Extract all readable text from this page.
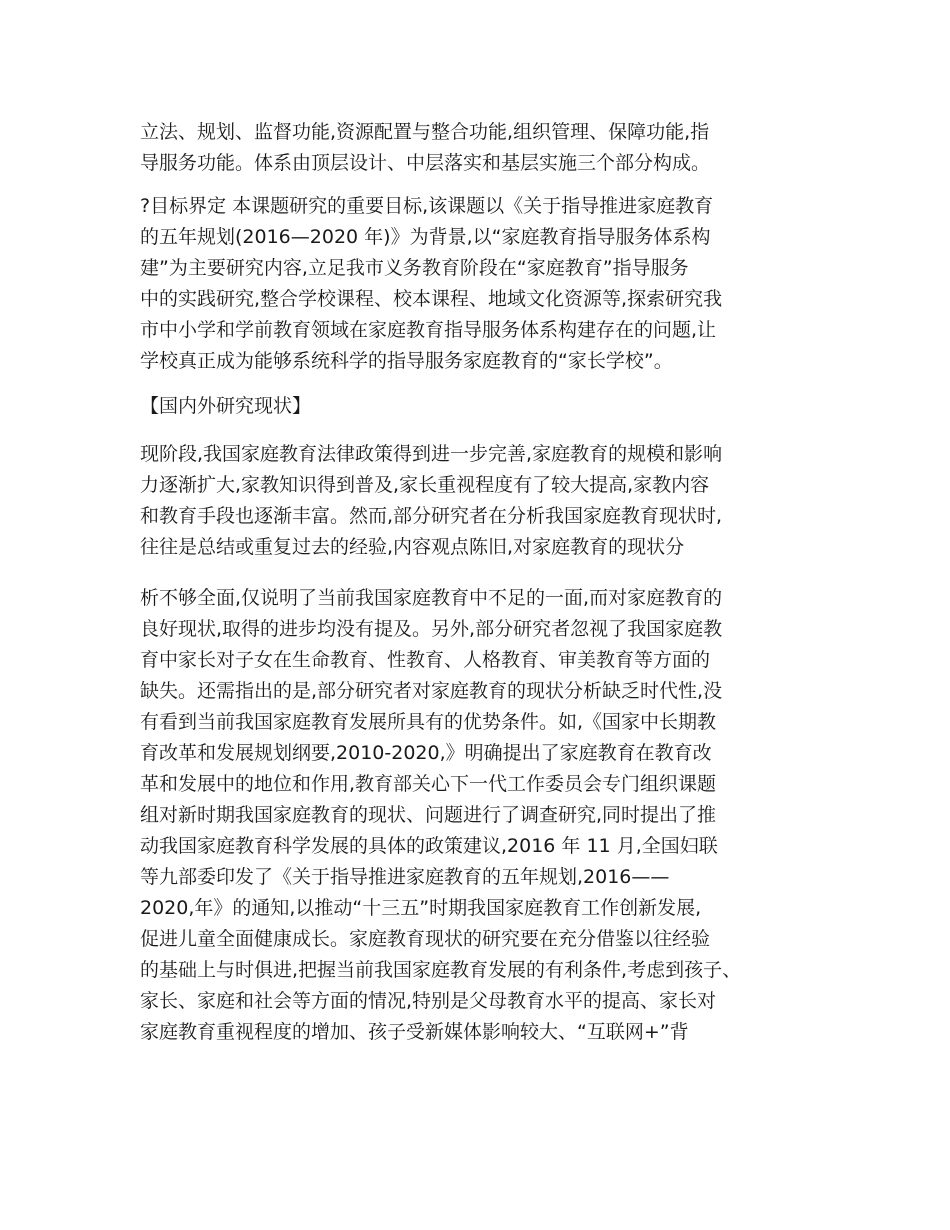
立法、规划、监督功能,资源配置与整合功能,组织管理、保障功能,指
导服务功能。体系由顶层设计、中层落实和基层实施三个部分构成。

?目标界定 本课题研究的重要目标,该课题以《关于指导推进家庭教育
的五年规划(2016—2020 年)》为背景,以“家庭教育指导服务体系构
建”为主要研究内容,立足我市义务教育阶段在“家庭教育”指导服务
中的实践研究,整合学校课程、校本课程、地域文化资源等,探索研究我
市中小学和学前教育领域在家庭教育指导服务体系构建存在的问题,让
学校真正成为能够系统科学的指导服务家庭教育的“家长学校”。

【国内外研究现状】

现阶段,我国家庭教育法律政策得到进一步完善,家庭教育的规模和影响
力逐渐扩大,家教知识得到普及,家长重视程度有了较大提高,家教内容
和教育手段也逐渐丰富。然而,部分研究者在分析我国家庭教育现状时,
往往是总结或重复过去的经验,内容观点陈旧,对家庭教育的现状分

析不够全面,仅说明了当前我国家庭教育中不足的一面,而对家庭教育的
良好现状,取得的进步均没有提及。另外,部分研究者忽视了我国家庭教
育中家长对子女在生命教育、性教育、人格教育、审美教育等方面的
缺失。还需指出的是,部分研究者对家庭教育的现状分析缺乏时代性,没
有看到当前我国家庭教育发展所具有的优势条件。如,《国家中长期教
育改革和发展规划纲要,2010-2020,》明确提出了家庭教育在教育改
革和发展中的地位和作用,教育部关心下一代工作委员会专门组织课题
组对新时期我国家庭教育的现状、问题进行了调查研究,同时提出了推
动我国家庭教育科学发展的具体的政策建议,2016 年 11 月,全国妇联
等九部委印发了《关于指导推进家庭教育的五年规划,2016——
2020,年》的通知,以推动“十三五”时期我国家庭教育工作创新发展,
促进儿童全面健康成长。家庭教育现状的研究要在充分借鉴以往经验
的基础上与时俱进,把握当前我国家庭教育发展的有利条件,考虑到孩子、
家长、家庭和社会等方面的情况,特别是父母教育水平的提高、家长对
家庭教育重视程度的增加、孩子受新媒体影响较大、“互联网+”背
